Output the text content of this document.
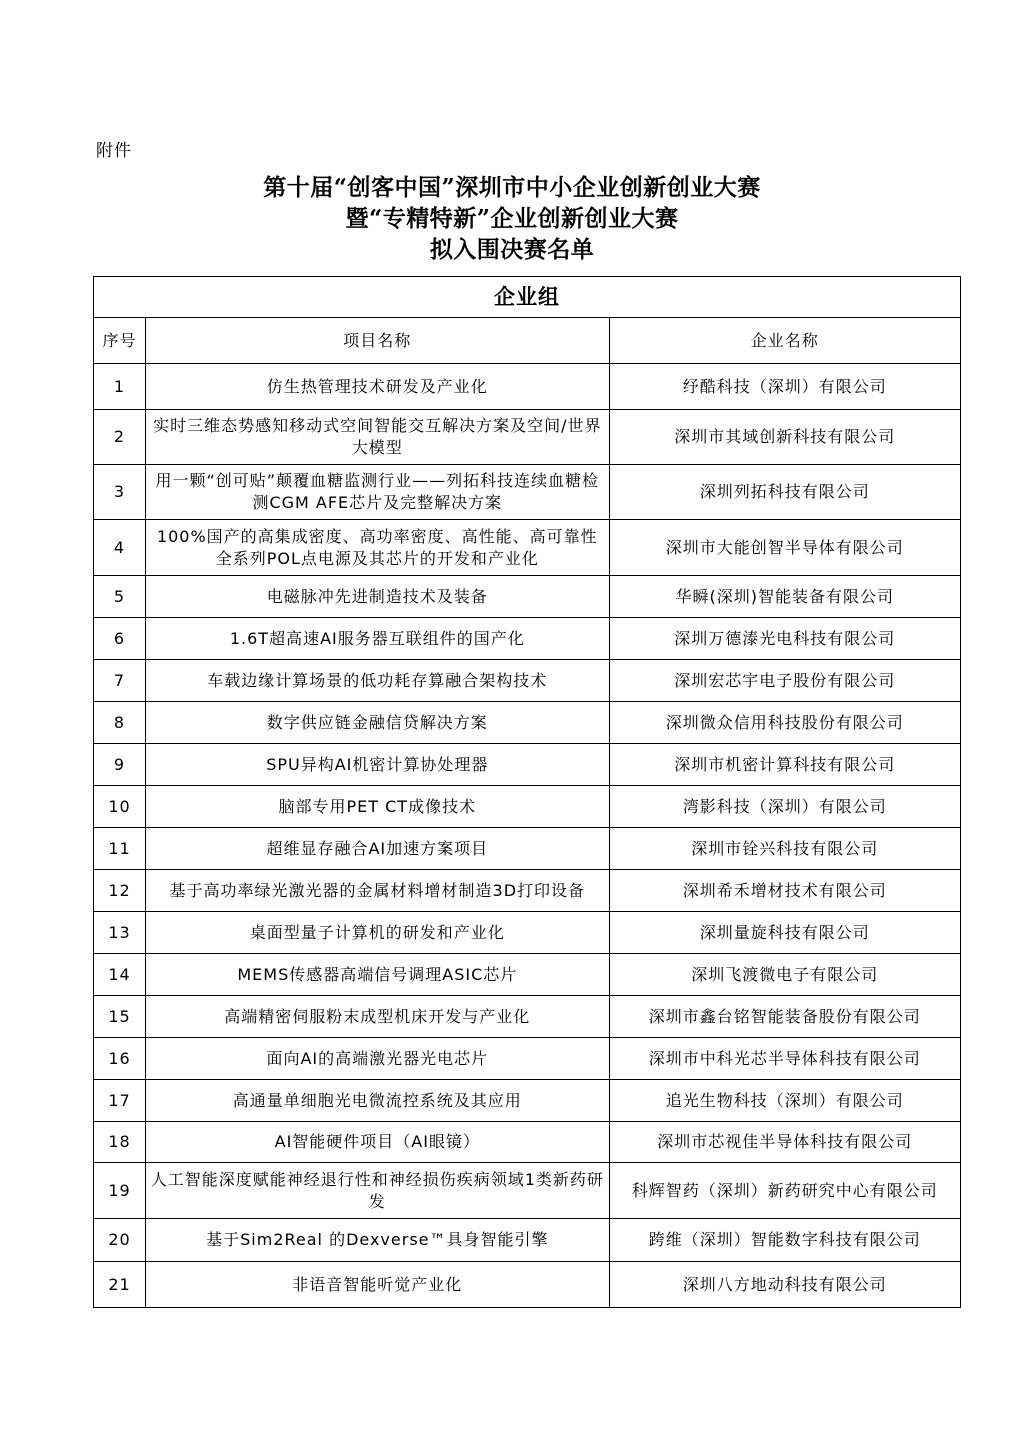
附件
第十届“创客中国”深圳市中小企业创新创业大赛
暨“专精特新”企业创新创业大赛
拟入围决赛名单
企业组		
序号	项目名称	企业名称
1	仿生热管理技术研发及产业化	纾酷科技（深圳）有限公司
2	实时三维态势感知移动式空间智能交互解决方案及空间/世界大模型	深圳市其域创新科技有限公司
3	用一颗“创可贴”颠覆血糖监测行业——列拓科技连续血糖检测CGM AFE芯片及完整解决方案	深圳列拓科技有限公司
4	100%国产的高集成密度、高功率密度、高性能、高可靠性全系列POL点电源及其芯片的开发和产业化	深圳市大能创智半导体有限公司
5	电磁脉冲先进制造技术及装备	华瞬(深圳)智能装备有限公司
6	1.6T超高速AI服务器互联组件的国产化	深圳万德溙光电科技有限公司
7	车载边缘计算场景的低功耗存算融合架构技术	深圳宏芯宇电子股份有限公司
8	数字供应链金融信贷解决方案	深圳微众信用科技股份有限公司
9	SPU异构AI机密计算协处理器	深圳市机密计算科技有限公司
10	脑部专用PET CT成像技术	湾影科技（深圳）有限公司
11	超维显存融合AI加速方案项目	深圳市铨兴科技有限公司
12	基于高功率绿光激光器的金属材料增材制造3D打印设备	深圳希禾增材技术有限公司
13	桌面型量子计算机的研发和产业化	深圳量旋科技有限公司
14	MEMS传感器高端信号调理ASIC芯片	深圳飞渡微电子有限公司
15	高端精密伺服粉末成型机床开发与产业化	深圳市鑫台铭智能装备股份有限公司
16	面向AI的高端激光器光电芯片	深圳市中科光芯半导体科技有限公司
17	高通量单细胞光电微流控系统及其应用	追光生物科技（深圳）有限公司
18	AI智能硬件项目（AI眼镜）	深圳市芯视佳半导体科技有限公司
19	人工智能深度赋能神经退行性和神经损伤疾病领域1类新药研发	科辉智药（深圳）新药研究中心有限公司
20	基于Sim2Real 的Dexverse™具身智能引擎	跨维（深圳）智能数字科技有限公司
21	非语音智能听觉产业化	深圳八方地动科技有限公司
